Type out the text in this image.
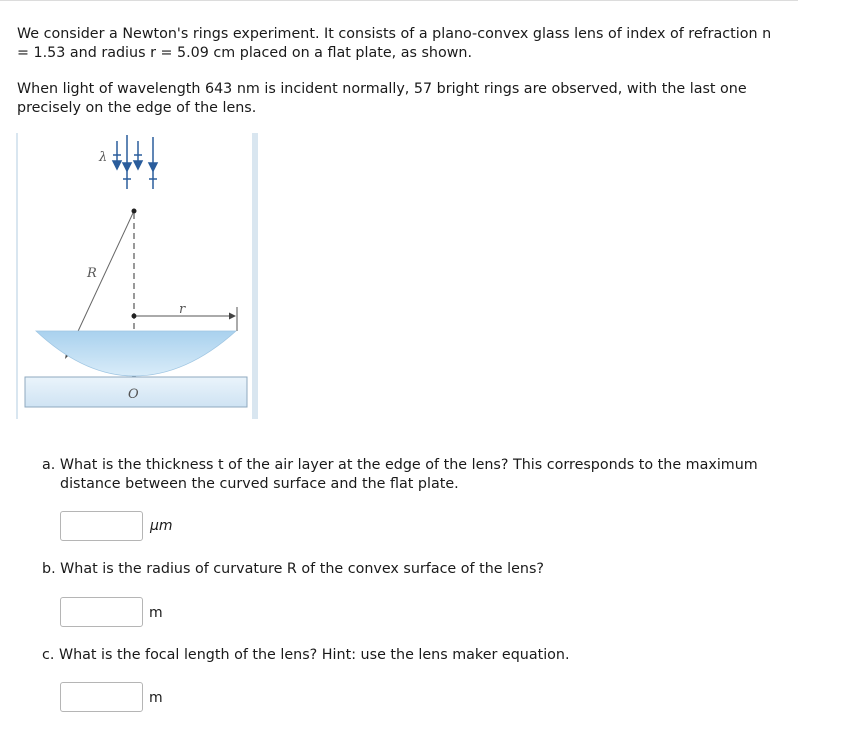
We consider a Newton's rings experiment. It consists of a plano-convex glass lens of index of refraction n = 1.53 and radius r = 5.09 cm placed on a flat plate, as shown.

When light of wavelength 643 nm is incident normally, 57 bright rings are observed, with the last one precisely on the edge of the lens.

λ
R
r
O

a. What is the thickness t of the air layer at the edge of the lens? This corresponds to the maximum distance between the curved surface and the flat plate.

μm

b. What is the radius of curvature R of the convex surface of the lens?

m

c. What is the focal length of the lens? Hint: use the lens maker equation.

m
